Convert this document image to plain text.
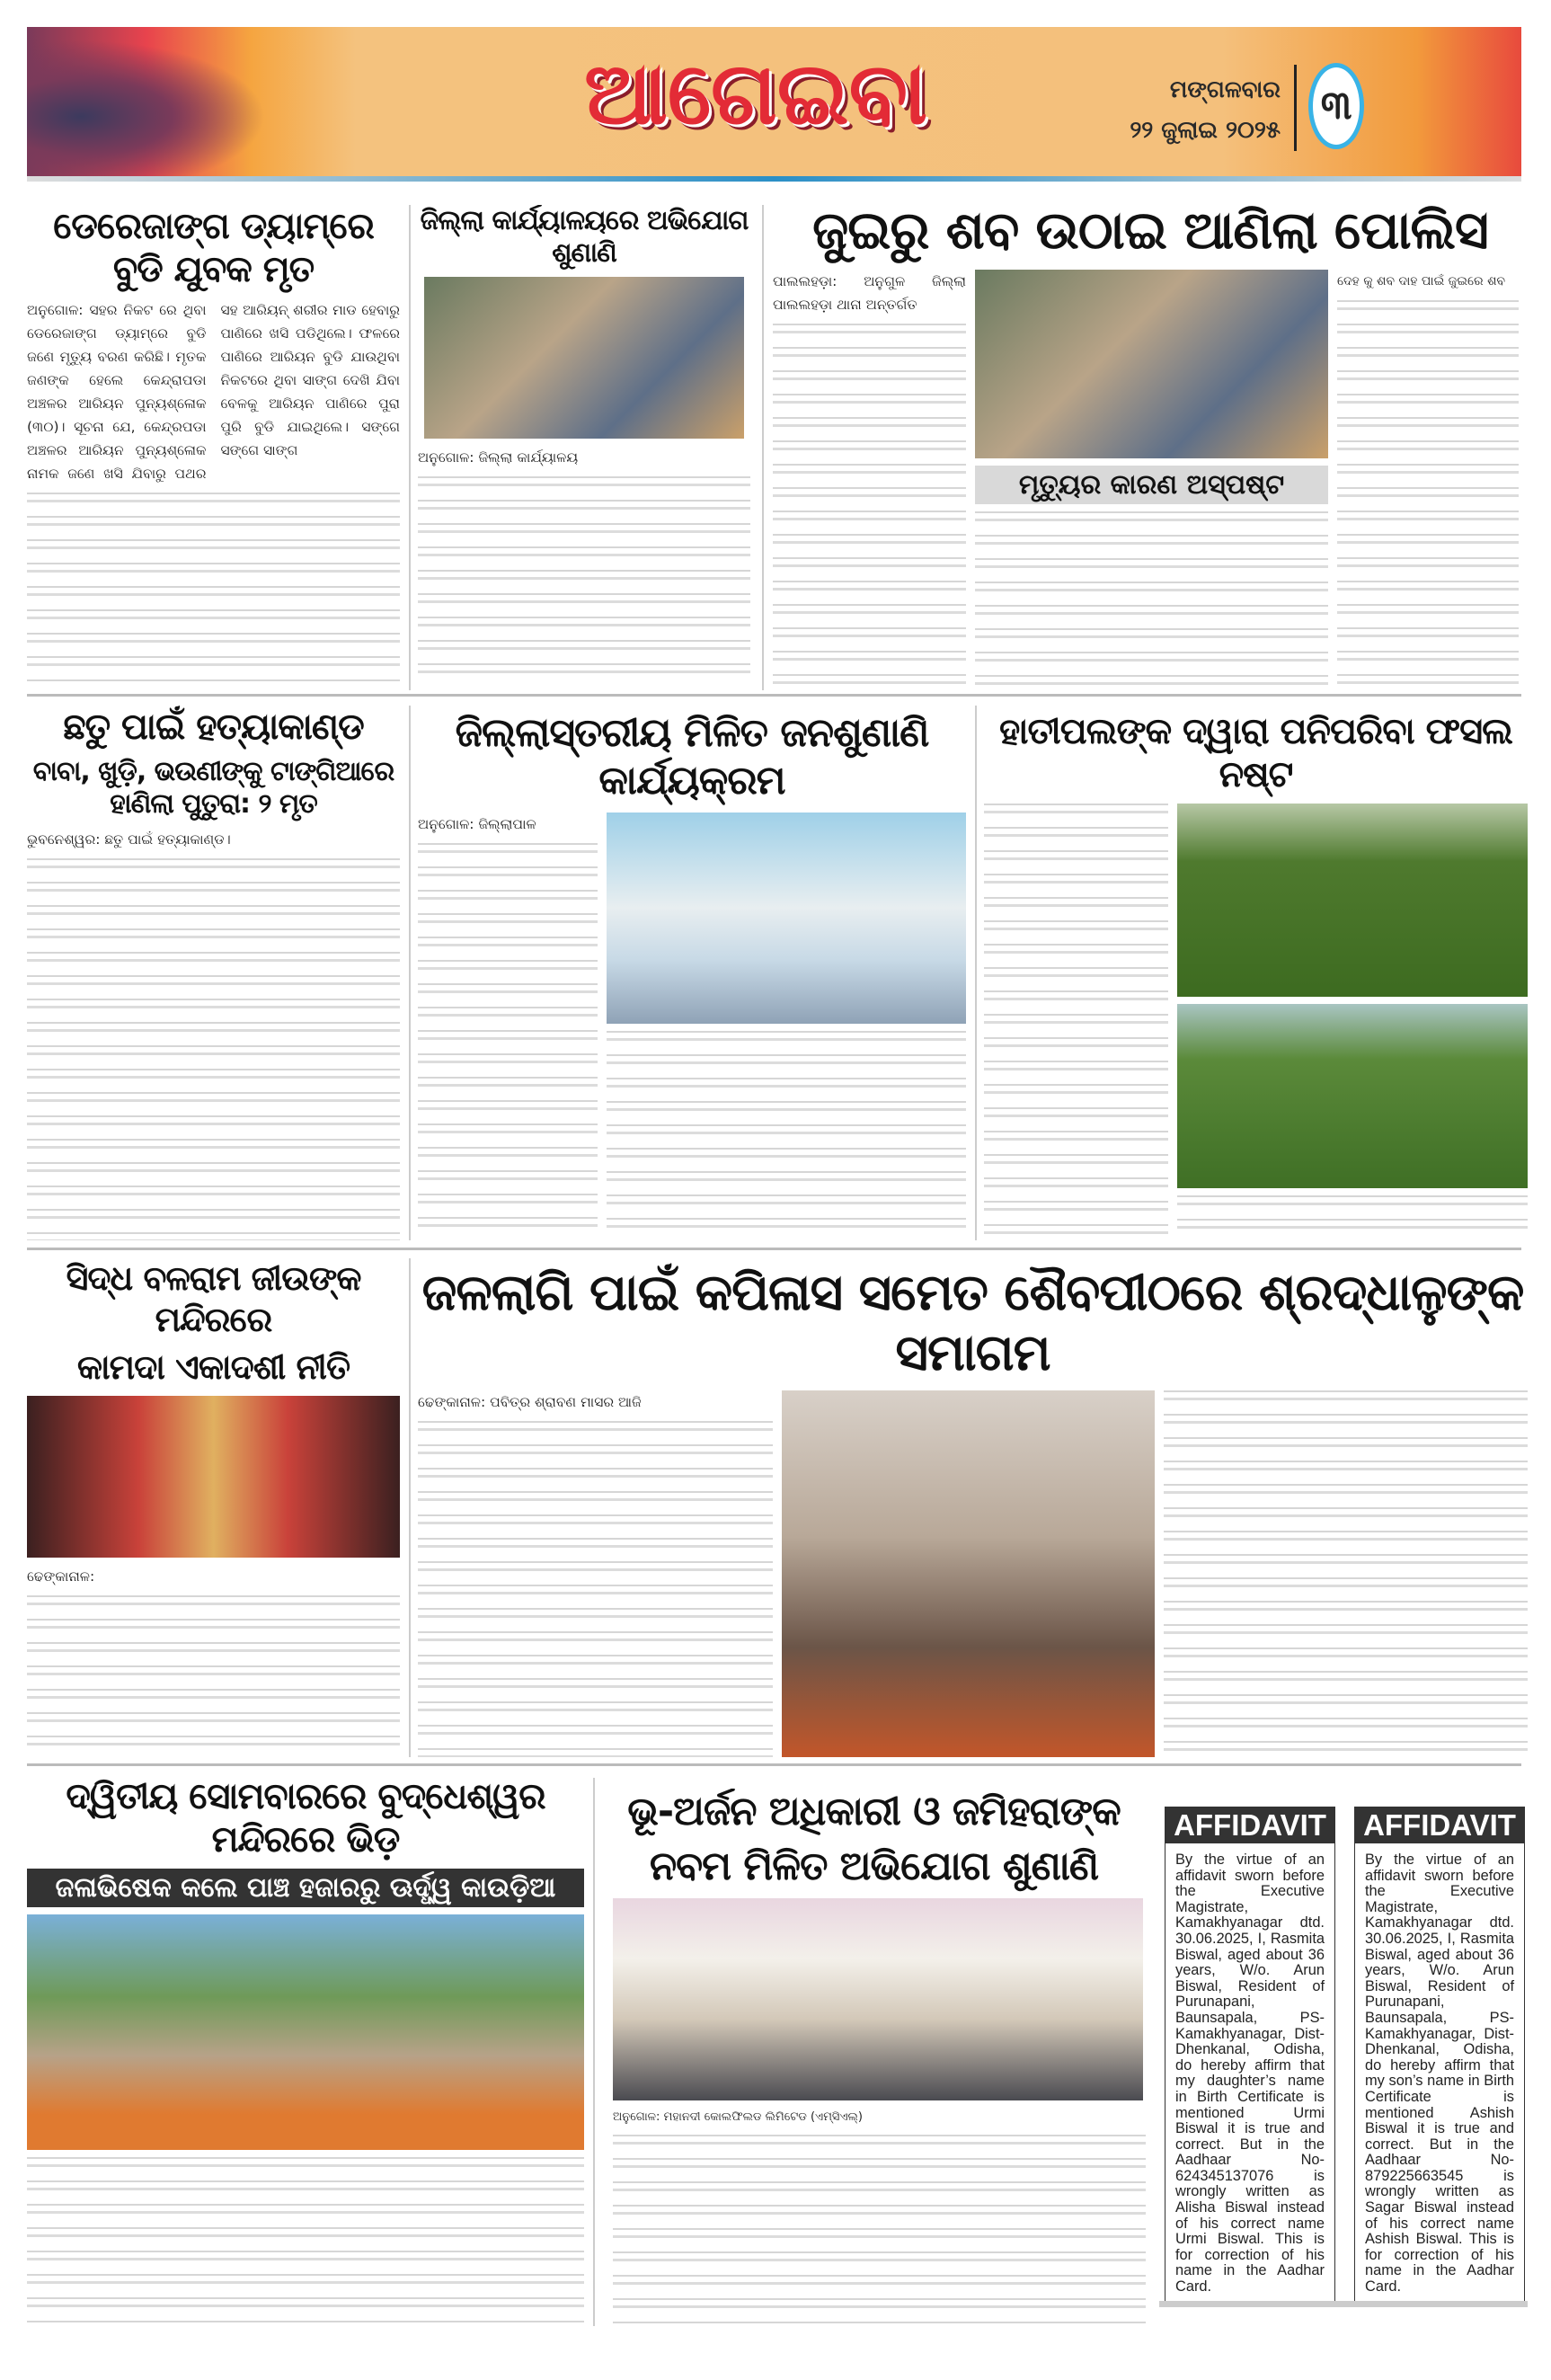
ଆଗେଇବା	ମଙ୍ଗଳବାର
୨୨ ଜୁଲାଇ ୨୦୨୫
୩
ଡେରେଜାଙ୍ଗ ଡ୍ୟାମ୍‌ରେ ବୁଡି ଯୁବକ ମୃତ
ଅନୁଗୋଳ: ସହର ନିକଟ ରେ ଥିବା ଡେରେଜାଙ୍ଗ ଡ୍ୟାମ୍‌ରେ ବୁଡି ଜଣେ ମୃତ୍ୟୁ ବରଣ କରିଛି। ମୃତକ ଜଣଙ୍କ ହେଲେ କେନ୍ଦ୍ରାପଡା ଅଞ୍ଚଳର ଆରିୟନ ପୁନ୍ୟଶ୍ଳୋକ (୩୦)। ସୂଚନା ଯେ, କେନ୍ଦ୍ରପଡା ଅଞ୍ଚଳର ଆରିୟନ ପୁନ୍ୟଶ୍ଳୋକ ନାମକ ଜଣେ ଖସି ଯିବାରୁ ପଥର ସହ ଆରିୟନ୍ ଶରୀର ମାଡ ହେବାରୁ ପାଣିରେ ଖସି ପଡିଥିଲେ। ଫଳରେ ପାଣିରେ ଆରିୟନ ବୁଡି ଯାଉଥିବା ନିକଟରେ ଥିବା ସାଙ୍ଗ ଦେଖି ଯିବା ବେଳକୁ ଆରିୟନ ପାଣିରେ ପୁରା ପୁରି ବୁଡି ଯାଇଥିଲେ। ସଙ୍ଗେ ସଙ୍ଗେ ସାଙ୍ଗ
ଜିଲ୍ଲା କାର୍ଯ୍ୟାଳୟରେ ଅଭିଯୋଗ ଶୁଣାଣି
ଅନୁଗୋଳ: ଜିଲ୍ଲା କାର୍ଯ୍ୟାଳୟ
ଜୁଇରୁ ଶବ ଉଠାଇ ଆଣିଲା ପୋଲିସ
ପାଲଲହଡ଼ା: ଅନୁଗୁଳ ଜିଲ୍ଲା ପାଲଲହଡ଼ା ଥାନା ଅନ୍ତର୍ଗତ
ମୃତ୍ୟୁର କାରଣ ଅସ୍ପଷ୍ଟ
ଦେହ କୁ ଶବ ଦାହ ପାଇଁ ଜୁଇରେ ଶବ
ଛତୁ ପାଇଁ ହତ୍ୟାକାଣ୍ଡ
ବାବା, ଖୁଡ଼ି, ଭଉଣୀଙ୍କୁ ଟାଙ୍ଗିଆରେ ହାଣିଲା ପୁତୁରା: ୨ ମୃତ
ଭୁବନେଶ୍ୱର: ଛତୁ ପାଇଁ ହତ୍ୟାକାଣ୍ଡ।
ଜିଲ୍ଲାସ୍ତରୀୟ ମିଳିତ ଜନଶୁଣାଣି କାର୍ଯ୍ୟକ୍ରମ
ଅନୁଗୋଳ: ଜିଲ୍ଲାପାଳ
ହାତୀପଲଙ୍କ ଦ୍ୱାରା ପନିପରିବା ଫସଲ ନଷ୍ଟ
ସିଦ୍ଧ ବଳରାମ ଜୀଉଙ୍କ ମନ୍ଦିରରେ
କାମଦା ଏକାଦଶୀ ନୀତି
ଢେଙ୍କାନାଳ:
ଜଳଲାଗି ପାଇଁ କପିଳାସ ସମେତ ଶୈବପୀଠରେ ଶ୍ରଦ୍ଧାଳୁଙ୍କ ସମାଗମ
ଢେଙ୍କାନାଳ: ପବିତ୍ର ଶ୍ରାବଣ ମାସର ଆଜି
ଦ୍ୱିତୀୟ ସୋମବାରରେ ବୁଦ୍ଧେଶ୍ୱର ମନ୍ଦିରରେ ଭିଡ଼
ଜଳାଭିଷେକ କଲେ ପାଞ୍ଚ ହଜାରରୁ ଊର୍ଦ୍ଧ୍ୱ କାଉଡ଼ିଆ
ଭୂ-ଅର୍ଜନ ଅଧିକାରୀ ଓ ଜମିହରାଙ୍କ
ନବମ ମିଳିତ ଅଭିଯୋଗ ଶୁଣାଣି
ଅନୁଗୋଳ: ମହାନଦୀ କୋଲଫିଲଡ ଲିମିଟେଡ (ଏମ୍‌ସିଏଲ୍‌)
AFFIDAVIT

By the virtue of an affidavit sworn before the Executive Magistrate, Kamakhyanagar dtd. 30.06.2025, I, Rasmita Biswal, aged about 36 years, W/o. Arun Biswal, Resident of Purunapani, Baunsapala, PS-Kamakhyanagar, Dist-Dhenkanal, Odisha, do hereby affirm that my daughter’s name in Birth Certificate is mentioned Urmi Biswal it is true and correct. But in the Aadhaar No- 624345137076 is wrongly written as Alisha Biswal instead of his correct name Urmi Biswal. This is for correction of his name in the Aadhar Card.

AFFIDAVIT

By the virtue of an affidavit sworn before the Executive Magistrate, Kamakhyanagar dtd. 30.06.2025, I, Rasmita Biswal, aged about 36 years, W/o. Arun Biswal, Resident of Purunapani, Baunsapala, PS-Kamakhyanagar, Dist-Dhenkanal, Odisha, do hereby affirm that my son’s name in Birth Certificate is mentioned Ashish Biswal it is true and correct. But in the Aadhaar No- 879225663545 is wrongly written as Sagar Biswal instead of his correct name Ashish Biswal. This is for correction of his name in the Aadhar Card.
